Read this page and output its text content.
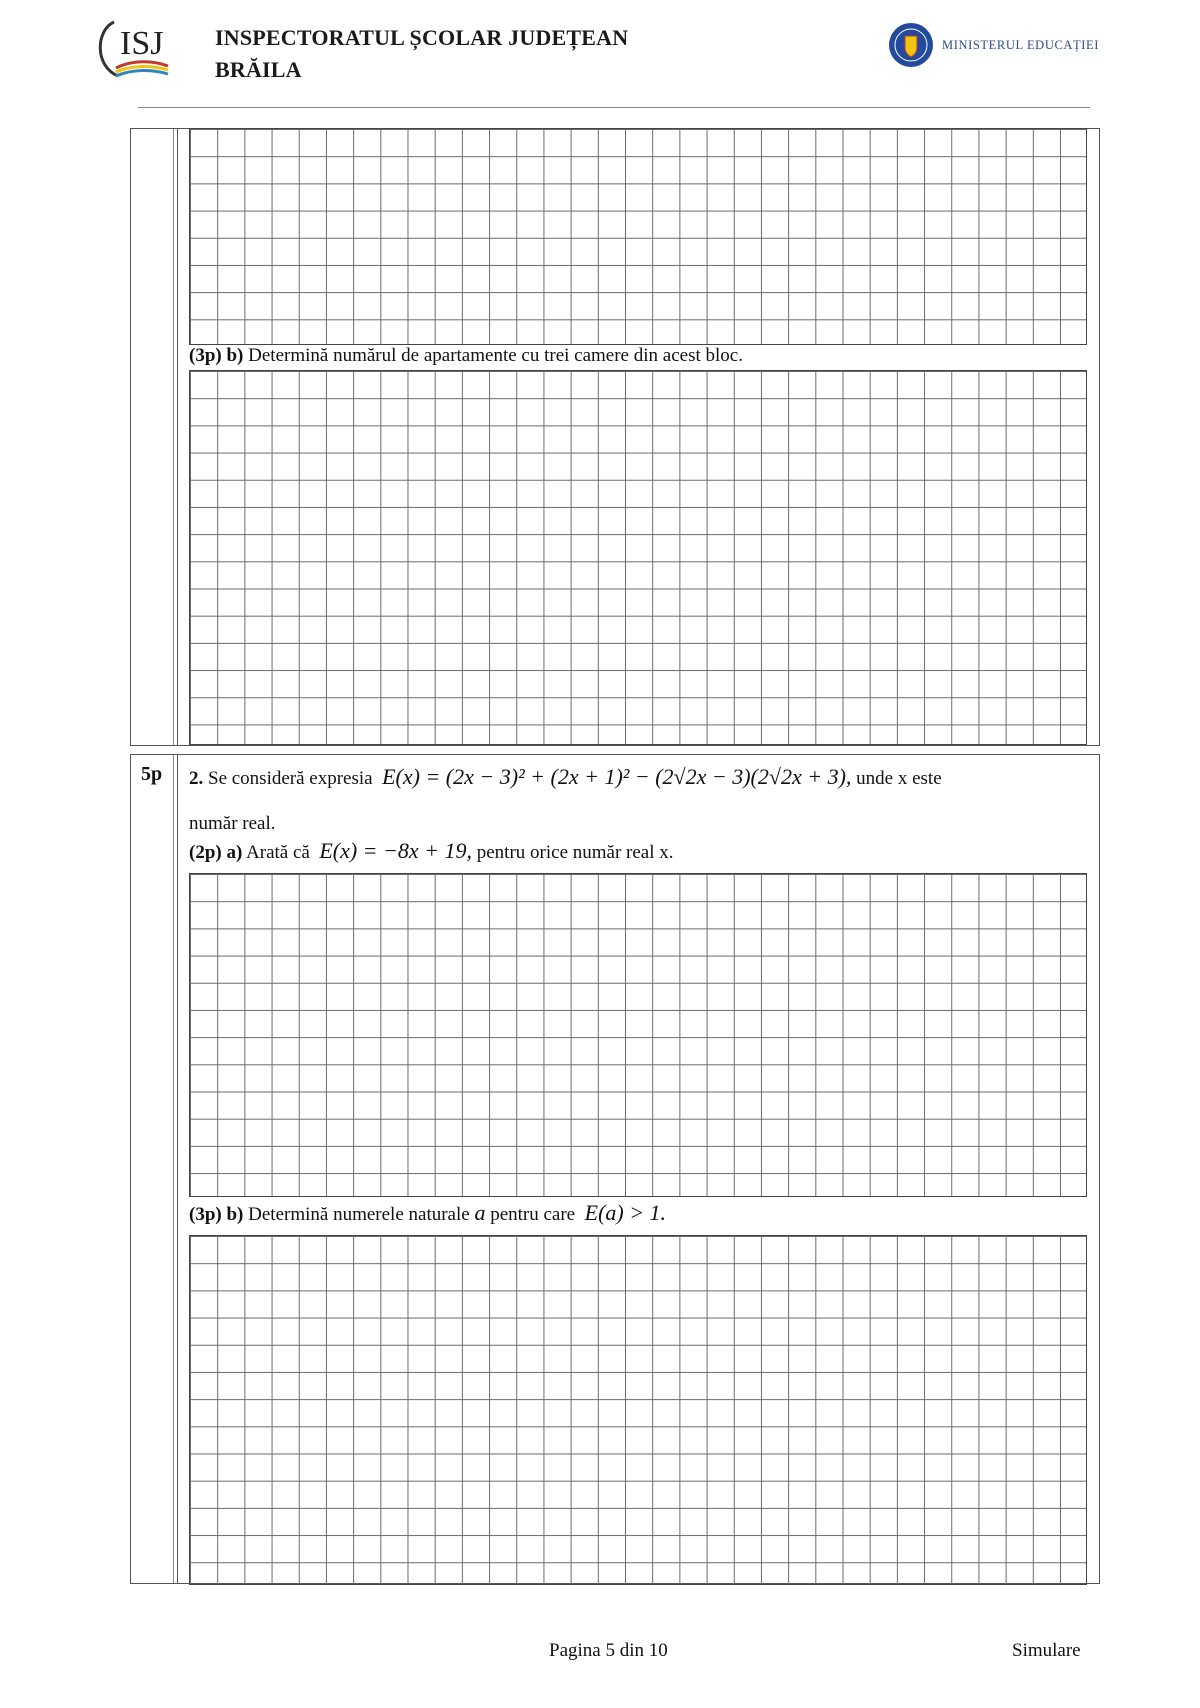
ISJ INSPECTORATUL ȘCOLAR JUDEȚEAN
BRĂILA
MINISTERUL EDUCAȚIEI
(3p) b) Determină numărul de apartamente cu trei camere din acest bloc.
5p 2. Se consideră expresia E(x) = (2x − 3)² + (2x + 1)² − (2√2x − 3)(2√2x + 3), unde x este
număr real.
(2p) a) Arată că E(x) = −8x + 19, pentru orice număr real x.
(3p) b) Determină numerele naturale a pentru care E(a) > 1.
Pagina 5 din 10	Simulare
